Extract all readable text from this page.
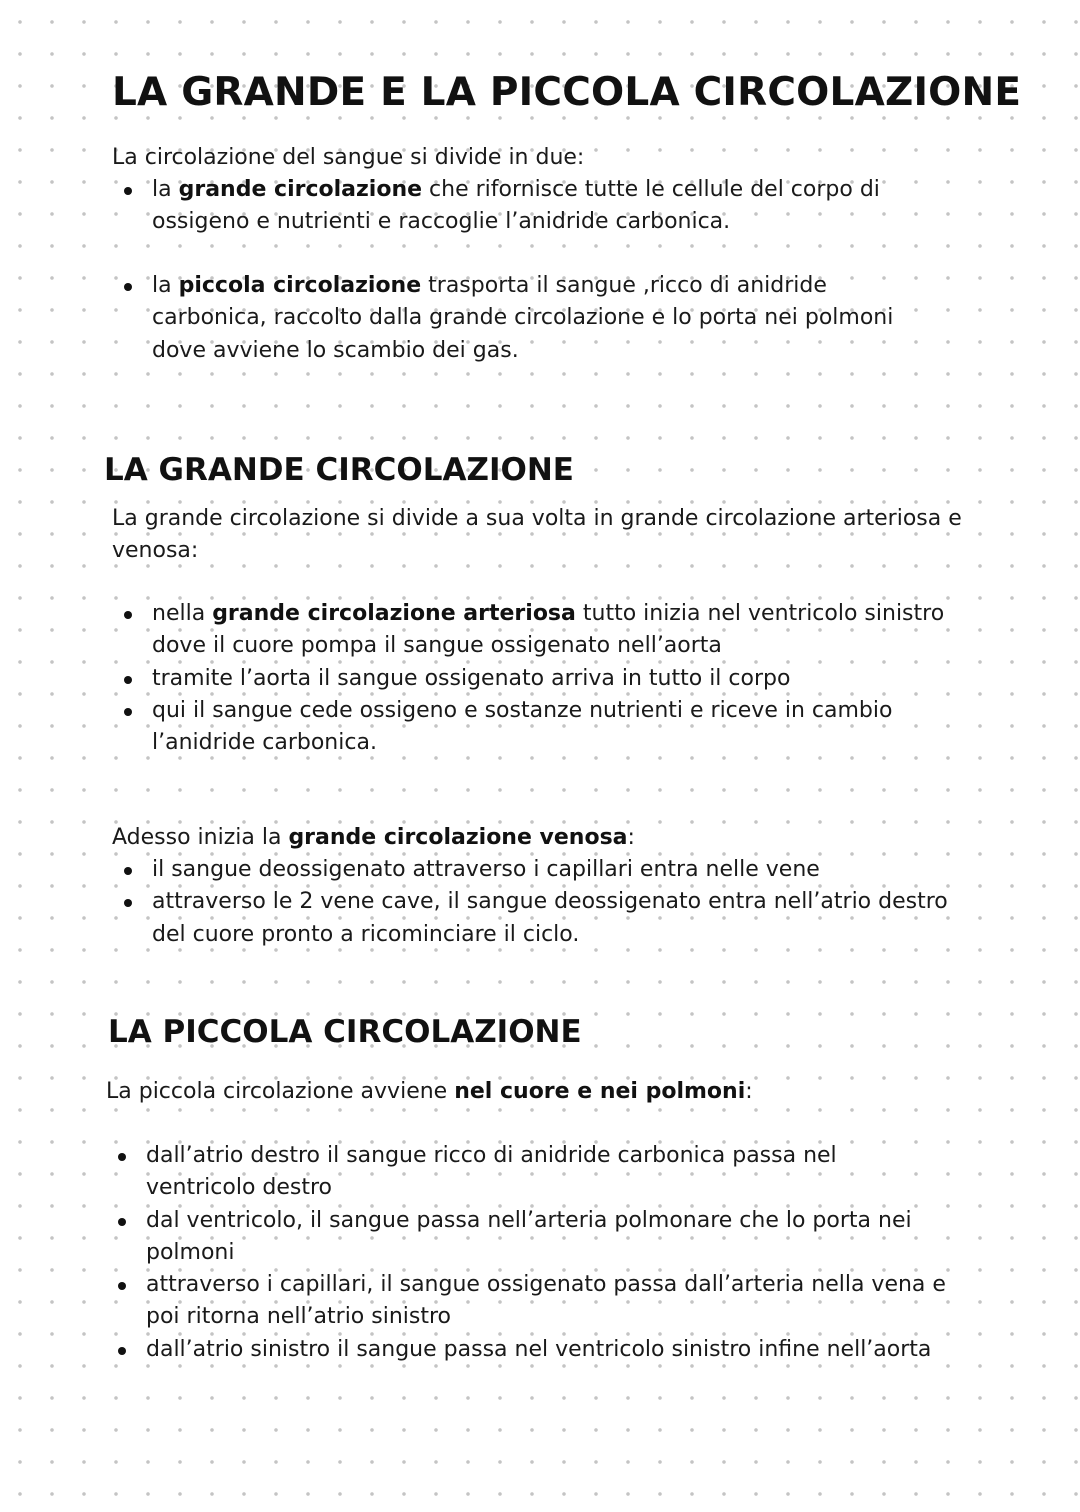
LA GRANDE E LA PICCOLA CIRCOLAZIONE

La circolazione del sangue si divide in due:

la grande circolazione che rifornisce tutte le cellule del corpo di ossigeno e nutrienti e raccoglie l’anidride carbonica.
la piccola circolazione trasporta il sangue ,ricco di anidride carbonica, raccolto dalla grande circolazione e lo porta nei polmoni dove avviene lo scambio dei gas.
LA GRANDE CIRCOLAZIONE

La grande circolazione si divide a sua volta in grande circolazione arteriosa e venosa:

nella grande circolazione arteriosa tutto inizia nel ventricolo sinistro dove il cuore pompa il sangue ossigenato nell’aorta
tramite l’aorta il sangue ossigenato arriva in tutto il corpo
qui il sangue cede ossigeno e sostanze nutrienti e riceve in cambio l’anidride carbonica.

Adesso inizia la grande circolazione venosa:

il sangue deossigenato attraverso i capillari entra nelle vene
attraverso le 2 vene cave, il sangue deossigenato entra nell’atrio destro del cuore pronto a ricominciare il ciclo.
LA PICCOLA CIRCOLAZIONE

La piccola circolazione avviene nel cuore e nei polmoni:

dall’atrio destro il sangue ricco di anidride carbonica passa nel ventricolo destro
dal ventricolo, il sangue passa nell’arteria polmonare che lo porta nei polmoni
attraverso i capillari, il sangue ossigenato passa dall’arteria nella vena e poi ritorna nell’atrio sinistro
dall’atrio sinistro il sangue passa nel ventricolo sinistro infine nell’aorta
